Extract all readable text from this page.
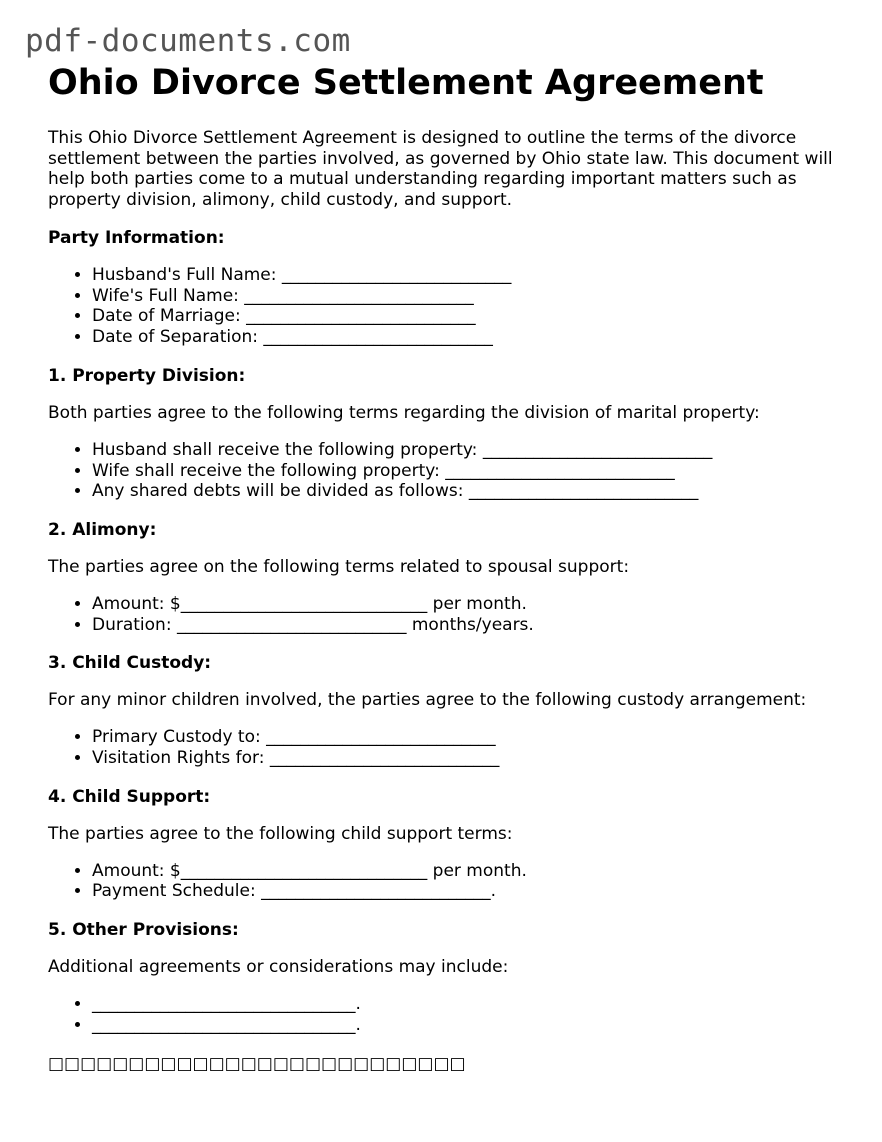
pdf-documents.com
Ohio Divorce Settlement Agreement

This Ohio Divorce Settlement Agreement is designed to outline the terms of the divorce settlement between the parties involved, as governed by Ohio state law. This document will help both parties come to a mutual understanding regarding important matters such as property division, alimony, child custody, and support.

Party Information:
• Husband's Full Name: ___________________________
• Wife's Full Name: ___________________________
• Date of Marriage: ___________________________
• Date of Separation: ___________________________
1. Property Division:

Both parties agree to the following terms regarding the division of marital property:

• Husband shall receive the following property: ___________________________
• Wife shall receive the following property: ___________________________
• Any shared debts will be divided as follows: ___________________________
2. Alimony:

The parties agree on the following terms related to spousal support:

• Amount: $_____________________________ per month.
• Duration: ___________________________ months/years.
3. Child Custody:

For any minor children involved, the parties agree to the following custody arrangement:

• Primary Custody to: ___________________________
• Visitation Rights for: ___________________________
4. Child Support:

The parties agree to the following child support terms:

• Amount: $_____________________________ per month.
• Payment Schedule: ___________________________.
5. Other Provisions:

Additional agreements or considerations may include:

• _______________________________.
• _______________________________.
□□□□□□□□□□□□□□□□□□□□□□□□□□
